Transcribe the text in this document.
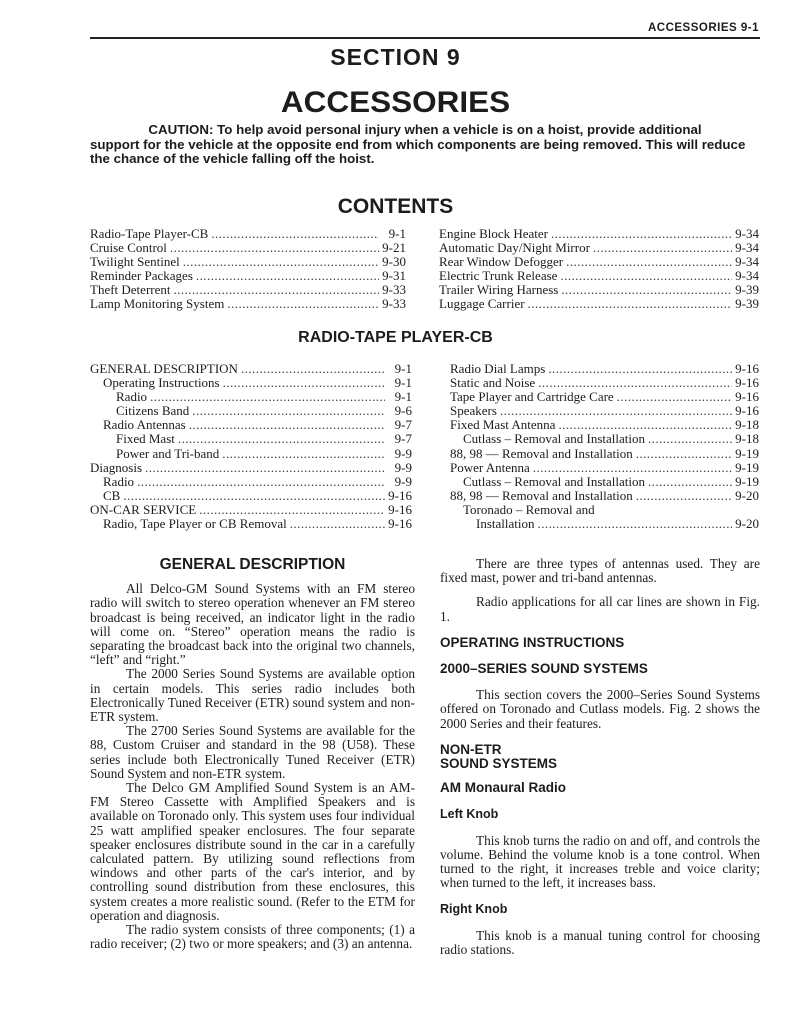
ACCESSORIES 9-1
SECTION 9
ACCESSORIES
CAUTION: To help avoid personal injury when a vehicle is on a hoist, provide additional
support for the vehicle at the opposite end from which components are being removed. This will reduce the chance of the vehicle falling off the hoist.
CONTENTS
Radio-Tape Player-CB . . .	9-1
Cruise Control . . .	9-21
Twilight Sentinel . . .	9-30
Reminder Packages . . .	9-31
Theft Deterrent . . .	9-33
Lamp Monitoring System . . .	9-33
Engine Block Heater . . .	9-34
Automatic Day/Night Mirror . . .	9-34
Rear Window Defogger . . .	9-34
Electric Trunk Release . . .	9-34
Trailer Wiring Harness . . .	9-39
Luggage Carrier . . .	9-39
RADIO-TAPE PLAYER-CB
GENERAL DESCRIPTION . . .	9-1
Operating Instructions . . .	9-1
Radio . . .	9-1
Citizens Band . . .	9-6
Radio Antennas . . .	9-7
Fixed Mast . . .	9-7
Power and Tri-band . . .	9-9
Diagnosis . . .	9-9
Radio . . .	9-9
CB . . .	9-16
ON-CAR SERVICE . . .	9-16
Radio, Tape Player or CB Removal . . .	9-16
Radio Dial Lamps . . .	9-16
Static and Noise . . .	9-16
Tape Player and Cartridge Care . . .	9-16
Speakers . . .	9-16
Fixed Mast Antenna . . .	9-18
Cutlass – Removal and Installation . . .	9-18
88, 98 — Removal and Installation . . .	9-19
Power Antenna . . .	9-19
Cutlass – Removal and Installation . . .	9-19
88, 98 — Removal and Installation . . .	9-20
Toronado – Removal and
Installation . . .	9-20

GENERAL DESCRIPTION

All Delco-GM Sound Systems with an FM stereo radio will switch to stereo operation whenever an FM stereo broadcast is being received, an indicator light in the radio will come on. “Stereo” operation means the radio is separating the broadcast back into the original two channels, “left” and “right.”

The 2000 Series Sound Systems are available option in certain models. This series radio includes both Electronically Tuned Receiver (ETR) sound system and non-ETR system.

The 2700 Series Sound Systems are available for the 88, Custom Cruiser and standard in the 98 (U58). These series include both Electronically Tuned Receiver (ETR) Sound System and non-ETR system.

The Delco GM Amplified Sound System is an AM-FM Stereo Cassette with Amplified Speakers and is available on Toronado only. This system uses four individual 25 watt amplified speaker enclosures. The four separate speaker enclosures distribute sound in the car in a carefully calculated pattern. By utilizing sound reflections from windows and other parts of the car's interior, and by controlling sound distribution from these enclosures, this system creates a more realistic sound. (Refer to the ETM for operation and diagnosis.

The radio system consists of three components; (1) a radio receiver; (2) two or more speakers; and (3) an antenna.

There are three types of antennas used. They are fixed mast, power and tri-band antennas.

Radio applications for all car lines are shown in Fig. 1.

OPERATING INSTRUCTIONS

2000–SERIES SOUND SYSTEMS

This section covers the 2000–Series Sound Systems offered on Toronado and Cutlass models. Fig. 2 shows the 2000 Series and their features.

NON-ETR

SOUND SYSTEMS

AM Monaural Radio

Left Knob

This knob turns the radio on and off, and controls the volume. Behind the volume knob is a tone control. When turned to the right, it increases treble and voice clarity; when turned to the left, it increases bass.

Right Knob

This knob is a manual tuning control for choosing radio stations.
